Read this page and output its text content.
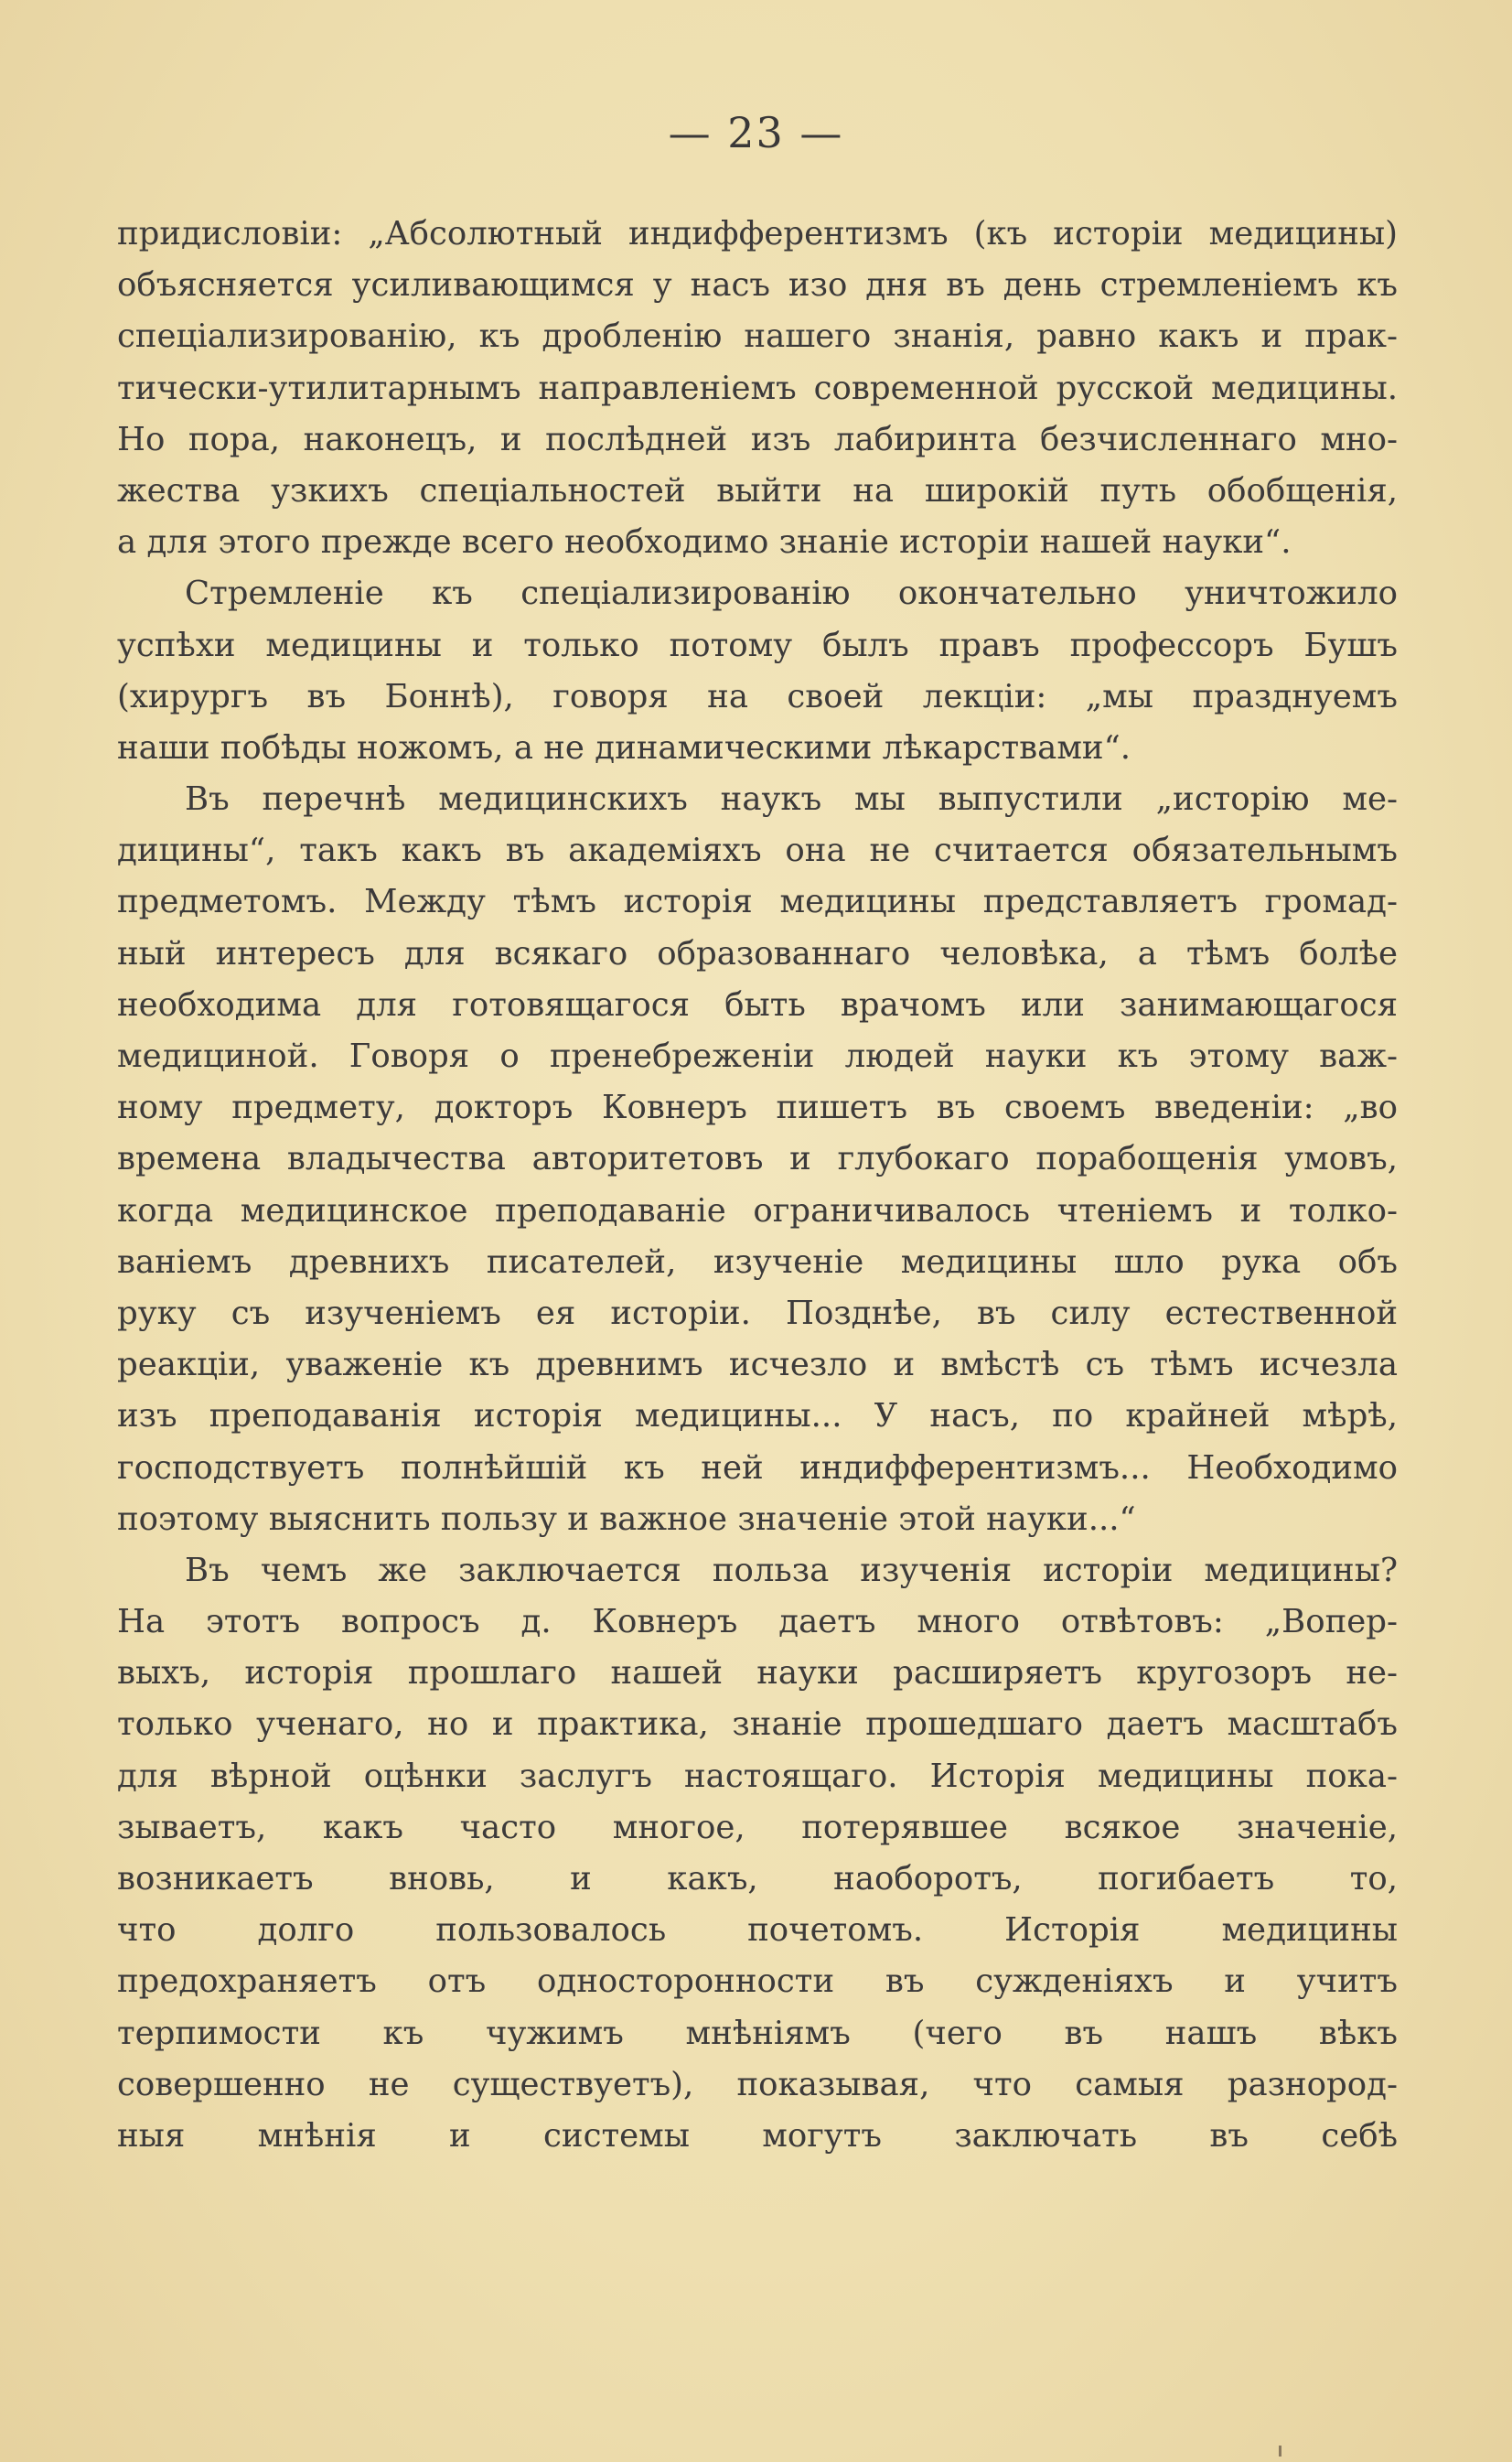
— 23 —
придисловiи: „Абсолютный индифферентизмъ (къ исторiи медицины)
объясняется усиливающимся у насъ изо дня въ день стремленiемъ къ
спецiализированiю, къ дробленiю нашего знанiя, равно какъ и прак-
тически-утилитарнымъ направленiемъ современной русской медицины.
Но пора, наконецъ, и послѣдней изъ лабиринта безчисленнаго мно-
жества узкихъ спецiальностей выйти на широкiй путь обобщенiя,
а для этого прежде всего необходимо знанiе исторiи нашей науки“.
Стремленiе къ спецiализированiю окончательно уничтожило
успѣхи медицины и только потому былъ правъ профессоръ Бушъ
(хирургъ въ Боннѣ), говоря на своей лекцiи: „мы празднуемъ
наши побѣды ножомъ, а не динамическими лѣкарствами“.
Въ перечнѣ медицинскихъ наукъ мы выпустили „исторiю ме-
дицины“, такъ какъ въ академiяхъ она не считается обязательнымъ
предметомъ. Между тѣмъ исторiя медицины представляетъ громад-
ный интересъ для всякаго образованнаго человѣка, а тѣмъ болѣе
необходима для готовящагося быть врачомъ или занимающагося
медициной. Говоря о пренебреженiи людей науки къ этому важ-
ному предмету, докторъ Ковнеръ пишетъ въ своемъ введенiи: „во
времена владычества авторитетовъ и глубокаго порабощенiя умовъ,
когда медицинское преподаванiе ограничивалось чтенiемъ и толко-
ванiемъ древнихъ писателей, изученiе медицины шло рука объ
руку съ изученiемъ ея исторiи. Позднѣе, въ силу естественной
реакцiи, уваженiе къ древнимъ исчезло и вмѣстѣ съ тѣмъ исчезла
изъ преподаванiя исторiя медицины... У насъ, по крайней мѣрѣ,
господствуетъ полнѣйшiй къ ней индифферентизмъ... Необходимо
поэтому выяснить пользу и важное значенiе этой науки...“
Въ чемъ же заключается польза изученiя исторiи медицины?
На этотъ вопросъ д. Ковнеръ даетъ много отвѣтовъ: „Вопер-
выхъ, исторiя прошлаго нашей науки расширяетъ кругозоръ не-
только ученаго, но и практика, знанiе прошедшаго даетъ масштабъ
для вѣрной оцѣнки заслугъ настоящаго. Исторiя медицины пока-
зываетъ, какъ часто многое, потерявшее всякое значенiе,
возникаетъ вновь, и какъ, наоборотъ, погибаетъ то,
что долго пользовалось почетомъ. Исторiя медицины
предохраняетъ отъ односторонности въ сужденiяхъ и учитъ
терпимости къ чужимъ мнѣнiямъ (чего въ нашъ вѣкъ
совершенно не существуетъ), показывая, что самыя разнород-
ныя мнѣнiя и системы могутъ заключать въ себѣ
